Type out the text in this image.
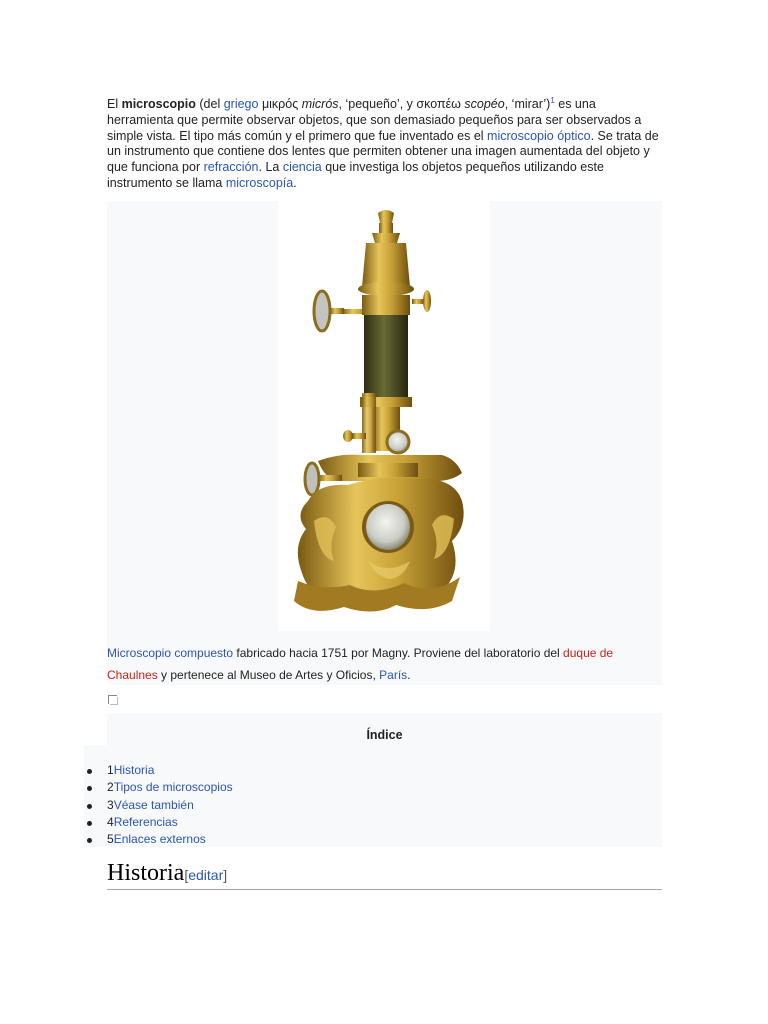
El microscopio (del griego μικρός micrós, ‘pequeño’, y σκοπέω scopéo, ‘mirar’)$^1$ es una herramienta que permite observar objetos, que son demasiado pequeños para ser observados a simple vista. El tipo más común y el primero que fue inventado es el microscopio óptico. Se trata de un instrumento que contiene dos lentes que permiten obtener una imagen aumentada del objeto y que funciona por refracción. La ciencia que investiga los objetos pequeños utilizando este instrumento se llama microscopía.
Microscopio compuesto fabricado hacia 1751 por Magny. Proviene del laboratorio del duque de Chaulnes y pertenece al Museo de Artes y Oficios, París.
Índice
1Historia
2Tipos de microscopios
3Véase también
4Referencias
5Enlaces externos
Historia[editar]
